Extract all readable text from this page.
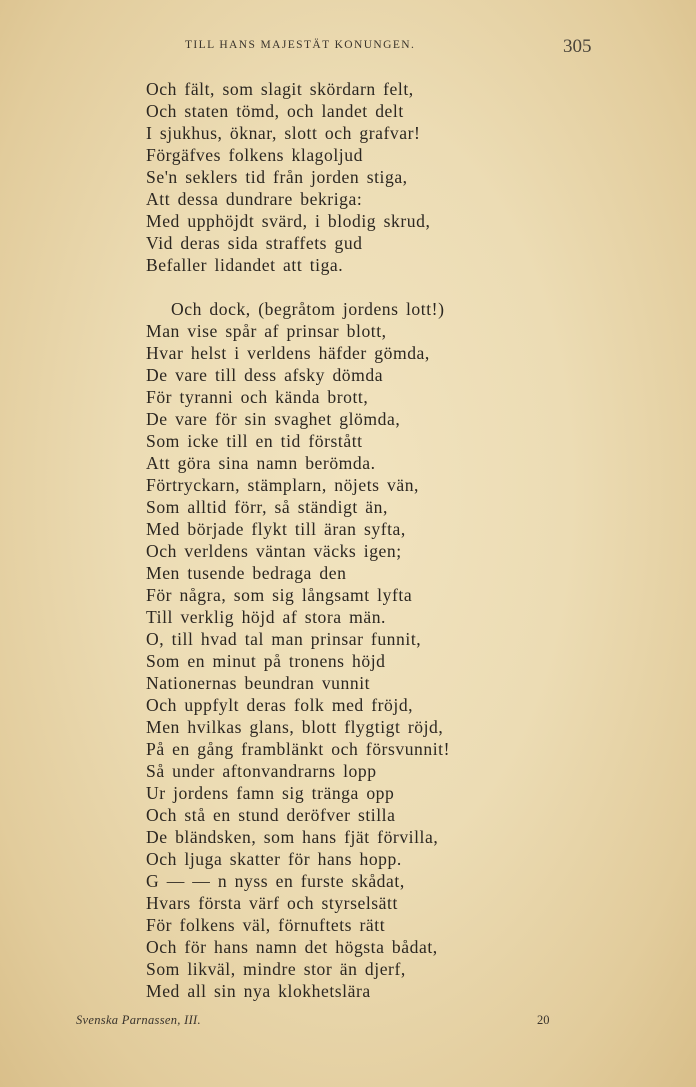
TILL HANS MAJESTÄT KONUNGEN.	305
Och fält, som slagit skördarn felt,
Och staten tömd, och landet delt
I sjukhus, öknar, slott och grafvar!
Förgäfves folkens klagoljud
Se'n seklers tid från jorden stiga,
Att dessa dundrare bekriga:
Med upphöjdt svärd, i blodig skrud,
Vid deras sida straffets gud
Befaller lidandet att tiga.
Och dock, (begråtom jordens lott!)
Man vise spår af prinsar blott,
Hvar helst i verldens häfder gömda,
De vare till dess afsky dömda
För tyranni och kända brott,
De vare för sin svaghet glömda,
Som icke till en tid förstått
Att göra sina namn berömda.
Förtryckarn, stämplarn, nöjets vän,
Som alltid förr, så ständigt än,
Med började flykt till äran syfta,
Och verldens väntan väcks igen;
Men tusende bedraga den
För några, som sig långsamt lyfta
Till verklig höjd af stora män.
O, till hvad tal man prinsar funnit,
Som en minut på tronens höjd
Nationernas beundran vunnit
Och uppfylt deras folk med fröjd,
Men hvilkas glans, blott flygtigt röjd,
På en gång framblänkt och försvunnit!
Så under aftonvandrarns lopp
Ur jordens famn sig tränga opp
Och stå en stund deröfver stilla
De bländsken, som hans fjät förvilla,
Och ljuga skatter för hans hopp.
G — — n nyss en furste skådat,
Hvars första värf och styrselsätt
För folkens väl, förnuftets rätt
Och för hans namn det högsta bådat,
Som likväl, mindre stor än djerf,
Med all sin nya klokhetslära
Svenska Parnassen, III.	20
